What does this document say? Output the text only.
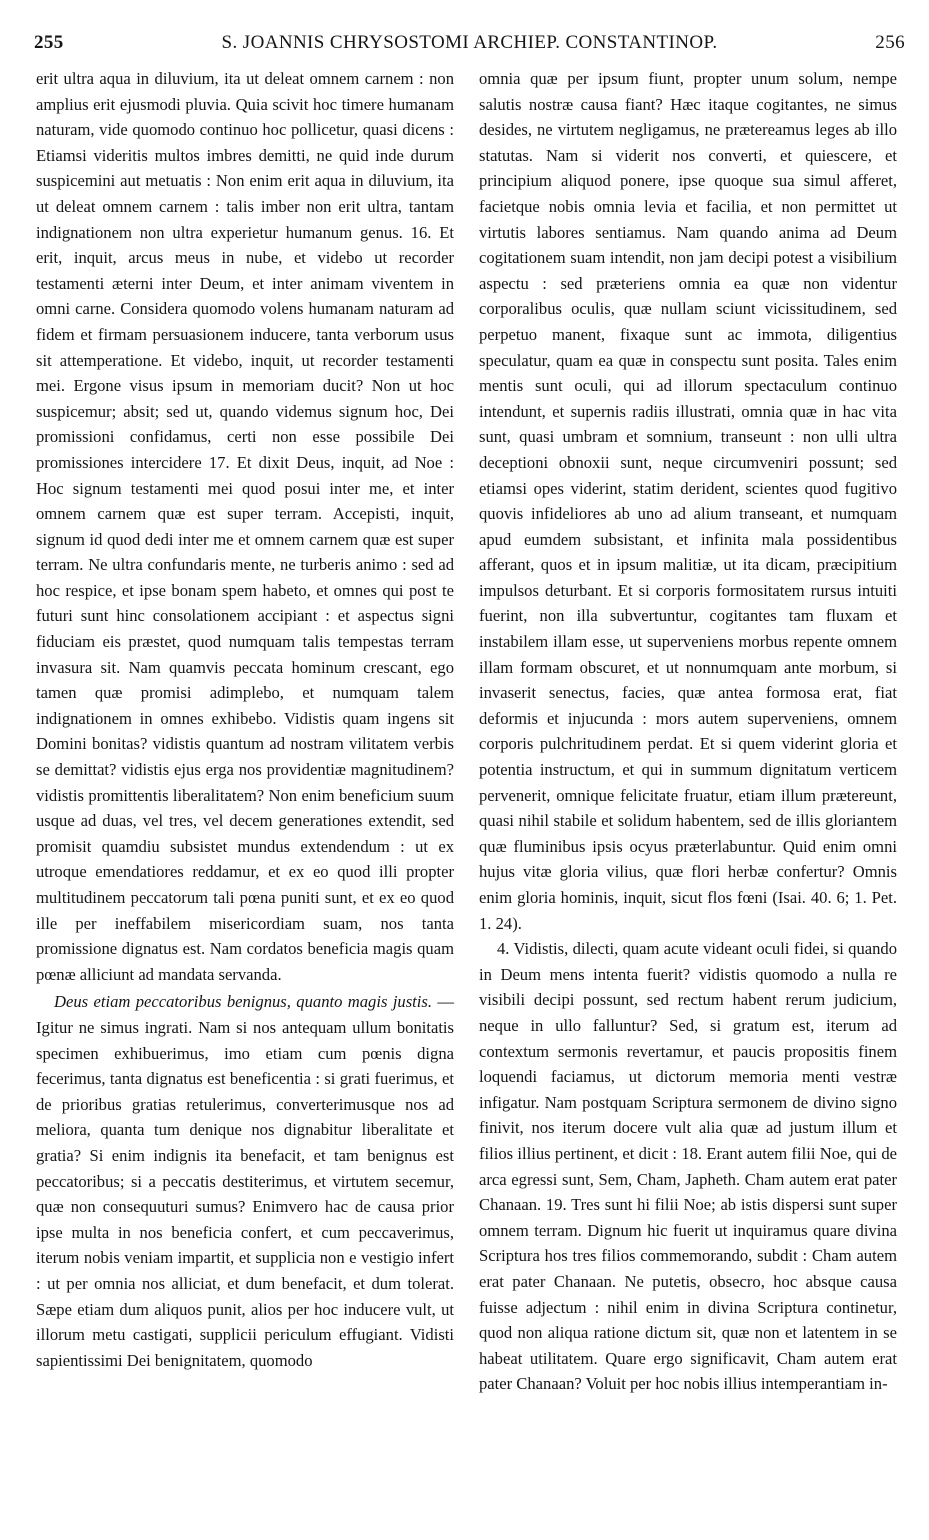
255	S. JOANNIS CHRYSOSTOMI ARCHIEP. CONSTANTINOP.	256

erit ultra aqua in diluvium, ita ut deleat omnem carnem : non amplius erit ejusmodi pluvia. Quia scivit hoc timere humanam naturam, vide quomodo continuo hoc pollicetur, quasi dicens : Etiamsi videritis multos imbres demitti, ne quid inde durum suspicemini aut metuatis : Non enim erit aqua in diluvium, ita ut deleat omnem carnem : talis imber non erit ultra, tantam indignationem non ultra experietur humanum genus. 16. Et erit, inquit, arcus meus in nube, et videbo ut recorder testamenti æterni inter Deum, et inter animam viventem in omni carne. Considera quomodo volens humanam naturam ad fidem et firmam persuasionem inducere, tanta verborum usus sit attemperatione. Et videbo, inquit, ut recorder testamenti mei. Ergone visus ipsum in memoriam ducit? Non ut hoc suspicemur; absit; sed ut, quando videmus signum hoc, Dei promissioni confidamus, certi non esse possibile Dei promissiones intercidere 17. Et dixit Deus, inquit, ad Noe : Hoc signum testamenti mei quod posui inter me, et inter omnem carnem quæ est super terram. Accepisti, inquit, signum id quod dedi inter me et omnem carnem quæ est super terram. Ne ultra confundaris mente, ne turberis animo : sed ad hoc respice, et ipse bonam spem habeto, et omnes qui post te futuri sunt hinc consolationem accipiant : et aspectus signi fiduciam eis præstet, quod numquam talis tempestas terram invasura sit. Nam quamvis peccata hominum crescant, ego tamen quæ promisi adimplebo, et numquam talem indignationem in omnes exhibebo. Vidistis quam ingens sit Domini bonitas? vidistis quantum ad nostram vilitatem verbis se demittat? vidistis ejus erga nos providentiæ magnitudinem? vidistis promittentis liberalitatem? Non enim beneficium suum usque ad duas, vel tres, vel decem generationes extendit, sed promisit quamdiu subsistet mundus extendendum : ut ex utroque emendatiores reddamur, et ex eo quod illi propter multitudinem peccatorum tali pœna puniti sunt, et ex eo quod ille per ineffabilem misericordiam suam, nos tanta promissione dignatus est. Nam cordatos beneficia magis quam pœnæ alliciunt ad mandata servanda.

Deus etiam peccatoribus benignus, quanto magis justis. — Igitur ne simus ingrati. Nam si nos antequam ullum bonitatis specimen exhibuerimus, imo etiam cum pœnis digna fecerimus, tanta dignatus est beneficentia : si grati fuerimus, et de prioribus gratias retulerimus, converterimusque nos ad meliora, quanta tum denique nos dignabitur liberalitate et gratia? Si enim indignis ita benefacit, et tam benignus est peccatoribus; si a peccatis destiterimus, et virtutem secemur, quæ non consequuturi sumus? Enimvero hac de causa prior ipse multa in nos beneficia confert, et cum peccaverimus, iterum nobis veniam impartit, et supplicia non e vestigio infert : ut per omnia nos alliciat, et dum benefacit, et dum tolerat. Sæpe etiam dum aliquos punit, alios per hoc inducere vult, ut illorum metu castigati, supplicii periculum effugiant. Vidisti sapientissimi Dei benignitatem, quomodo

omnia quæ per ipsum fiunt, propter unum solum, nempe salutis nostræ causa fiant? Hæc itaque cogitantes, ne simus desides, ne virtutem negligamus, ne prætereamus leges ab illo statutas. Nam si viderit nos converti, et quiescere, et principium aliquod ponere, ipse quoque sua simul afferet, facietque nobis omnia levia et facilia, et non permittet ut virtutis labores sentiamus. Nam quando anima ad Deum cogitationem suam intendit, non jam decipi potest a visibilium aspectu : sed præteriens omnia ea quæ non videntur corporalibus oculis, quæ nullam sciunt vicissitudinem, sed perpetuo manent, fixaque sunt ac immota, diligentius speculatur, quam ea quæ in conspectu sunt posita. Tales enim mentis sunt oculi, qui ad illorum spectaculum continuo intendunt, et supernis radiis illustrati, omnia quæ in hac vita sunt, quasi umbram et somnium, transeunt : non ulli ultra deceptioni obnoxii sunt, neque circumveniri possunt; sed etiamsi opes viderint, statim derident, scientes quod fugitivo quovis infideliores ab uno ad alium transeant, et numquam apud eumdem subsistant, et infinita mala possidentibus afferant, quos et in ipsum malitiæ, ut ita dicam, præcipitium impulsos deturbant. Et si corporis formositatem rursus intuiti fuerint, non illa subvertuntur, cogitantes tam fluxam et instabilem illam esse, ut superveniens morbus repente omnem illam formam obscuret, et ut nonnumquam ante morbum, si invaserit senectus, facies, quæ antea formosa erat, fiat deformis et injucunda : mors autem superveniens, omnem corporis pulchritudinem perdat. Et si quem viderint gloria et potentia instructum, et qui in summum dignitatum verticem pervenerit, omnique felicitate fruatur, etiam illum prætereunt, quasi nihil stabile et solidum habentem, sed de illis gloriantem quæ fluminibus ipsis ocyus præterlabuntur. Quid enim omni hujus vitæ gloria vilius, quæ flori herbæ confertur? Omnis enim gloria hominis, inquit, sicut flos fœni (Isai. 40. 6; 1. Pet. 1. 24).

4. Vidistis, dilecti, quam acute videant oculi fidei, si quando in Deum mens intenta fuerit? vidistis quomodo a nulla re visibili decipi possunt, sed rectum habent rerum judicium, neque in ullo falluntur? Sed, si gratum est, iterum ad contextum sermonis revertamur, et paucis propositis finem loquendi faciamus, ut dictorum memoria menti vestræ infigatur. Nam postquam Scriptura sermonem de divino signo finivit, nos iterum docere vult alia quæ ad justum illum et filios illius pertinent, et dicit : 18. Erant autem filii Noe, qui de arca egressi sunt, Sem, Cham, Japheth. Cham autem erat pater Chanaan. 19. Tres sunt hi filii Noe; ab istis dispersi sunt super omnem terram. Dignum hic fuerit ut inquiramus quare divina Scriptura hos tres filios commemorando, subdit : Cham autem erat pater Chanaan. Ne putetis, obsecro, hoc absque causa fuisse adjectum : nihil enim in divina Scriptura continetur, quod non aliqua ratione dictum sit, quæ non et latentem in se habeat utilitatem. Quare ergo significavit, Cham autem erat pater Chanaan? Voluit per hoc nobis illius intemperantiam in-
